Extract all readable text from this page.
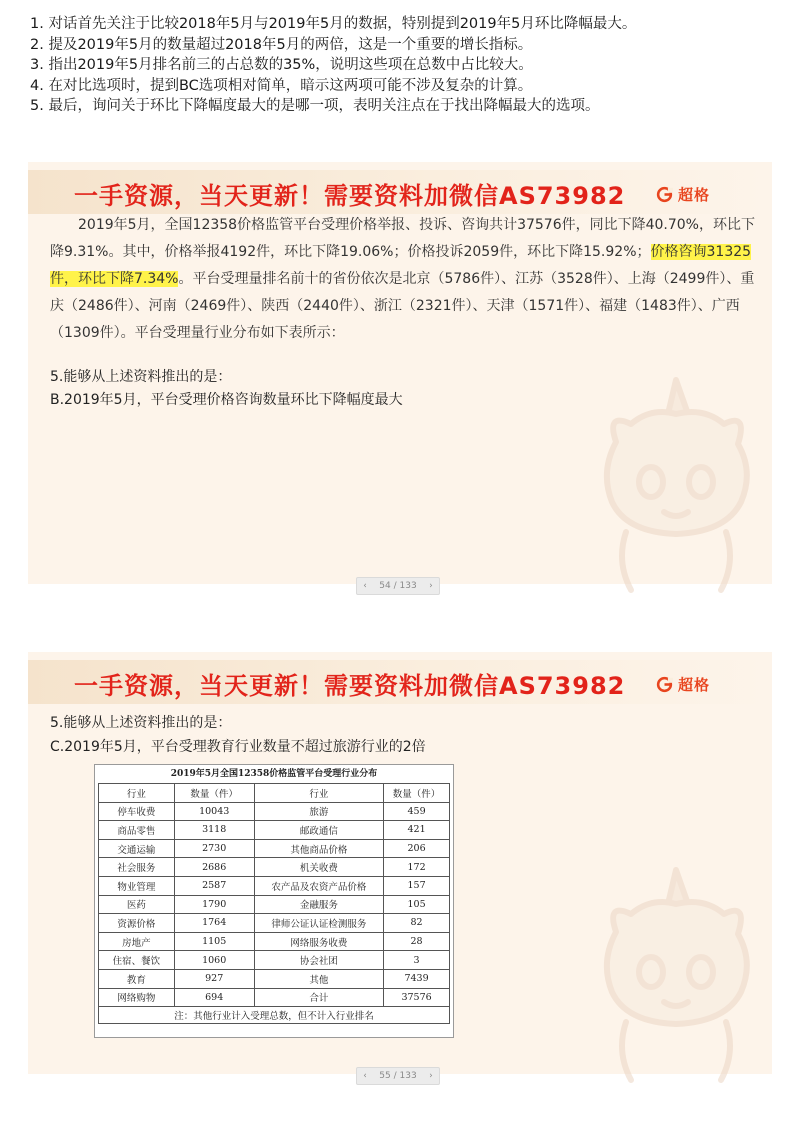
1. 对话首先关注于比较2018年5月与2019年5月的数据，特别提到2019年5月环比降幅最大。
2. 提及2019年5月的数量超过2018年5月的两倍，这是一个重要的增长指标。
3. 指出2019年5月排名前三的占总数的35%，说明这些项在总数中占比较大。
4. 在对比选项时，提到BC选项相对简单，暗示这两项可能不涉及复杂的计算。
5. 最后，询问关于环比下降幅度最大的是哪一项，表明关注点在于找出降幅最大的选项。
一手资源，当天更新！需要资料加微信AS73982	超格

2019年5月，全国12358价格监管平台受理价格举报、投诉、咨询共计37576件，同比下降40.70%，环比下降9.31%。其中，价格举报4192件，环比下降19.06%；价格投诉2059件，环比下降15.92%；价格咨询31325件，环比下降7.34%。平台受理量排名前十的省份依次是北京（5786件）、江苏（3528件）、上海（2499件）、重庆（2486件）、河南（2469件）、陕西（2440件）、浙江（2321件）、天津（1571件）、福建（1483件）、广西（1309件）。平台受理量行业分布如下表所示：

5.能够从上述资料推出的是：

B.2019年5月，平台受理价格咨询数量环比下降幅度最大

‹ 54 / 133 ›
一手资源，当天更新！需要资料加微信AS73982	超格

5.能够从上述资料推出的是：

C.2019年5月，平台受理教育行业数量不超过旅游行业的2倍

2019年5月全国12358价格监管平台受理行业分布
行业	数量（件）	行业	数量（件）
停车收费	10043	旅游	459
商品零售	3118	邮政通信	421
交通运输	2730	其他商品价格	206
社会服务	2686	机关收费	172
物业管理	2587	农产品及农资产品价格	157
医药	1790	金融服务	105
资源价格	1764	律师公证认证检测服务	82
房地产	1105	网络服务收费	28
住宿、餐饮	1060	协会社团	3
教育	927	其他	7439
网络购物	694	合计	37576
注：其他行业计入受理总数，但不计入行业排名			
‹ 55 / 133 ›
